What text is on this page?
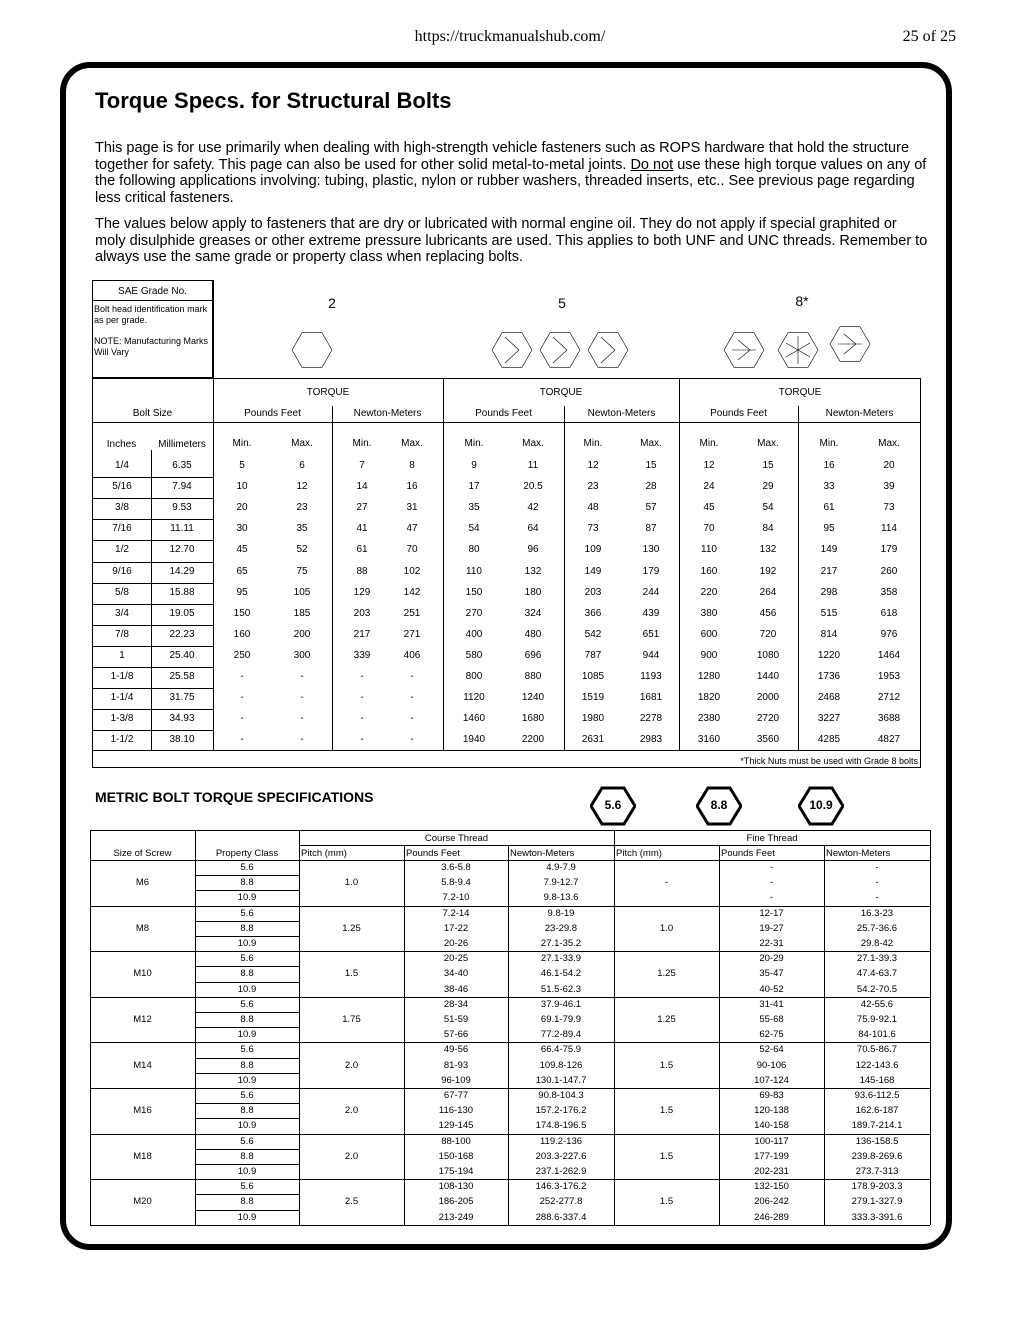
https://truckmanualshub.com/	25 of 25
Torque Specs. for Structural Bolts
This page is for use primarily when dealing with high-strength vehicle fasteners such as ROPS hardware that hold the structure together for safety. This page can also be used for other solid metal-to-metal joints. Do not use these high torque values on any of the following applications involving: tubing, plastic, nylon or rubber washers, threaded inserts, etc.. See previous page regarding less critical fasteners.
The values below apply to fasteners that are dry or lubricated with normal engine oil. They do not apply if special graphited or moly disulphide greases or other extreme pressure lubricants are used. This applies to both UNF and UNC threads. Remember to always use the same grade or property class when replacing bolts.
SAE Grade No.
Bolt head identification mark as per grade.
NOTE: Manufacturing Marks Will Vary
2	5	8*
TORQUE	TORQUE	TORQUE
Bolt Size	Pounds Feet	Newton-Meters	Pounds Feet	Newton-Meters	Pounds Feet	Newton-Meters
Inches	Millimeters
*Thick Nuts must be used with Grade 8 bolts
Min.	Max.	Min.	Max.	Min.	Max.	Min.	Max.	Min.	Max.	Min.	Max.
1/4	6.35	5	6	7	8	9	11	12	15	12	15	16	20
5/16	7.94	10	12	14	16	17	20.5	23	28	24	29	33	39
3/8	9.53	20	23	27	31	35	42	48	57	45	54	61	73
7/16	11.11	30	35	41	47	54	64	73	87	70	84	95	114
1/2	12.70	45	52	61	70	80	96	109	130	110	132	149	179
9/16	14.29	65	75	88	102	110	132	149	179	160	192	217	260
5/8	15.88	95	105	129	142	150	180	203	244	220	264	298	358
3/4	19.05	150	185	203	251	270	324	366	439	380	456	515	618
7/8	22.23	160	200	217	271	400	480	542	651	600	720	814	976
1	25.40	250	300	339	406	580	696	787	944	900	1080	1220	1464
1-1/8	25.58	-	-	-	-	800	880	1085	1193	1280	1440	1736	1953
1-1/4	31.75	-	-	-	-	1120	1240	1519	1681	1820	2000	2468	2712
1-3/8	34.93	-	-	-	-	1460	1680	1980	2278	2380	2720	3227	3688
1-1/2	38.10	-	-	-	-	1940	2200	2631	2983	3160	3560	4285	4827
METRIC BOLT TORQUE SPECIFICATIONS	5.6	8.8	10.9
Course Thread	Fine Thread
Size of Screw	Property Class	Pitch (mm)	Pounds Feet	Newton-Meters	Pitch (mm)	Pounds Feet	Newton-Meters
M6	1.0	-
5.6	3.6-5.8	4.9-7.9	-	-
8.8	5.8-9.4	7.9-12.7	-	-
10.9	7.2-10	9.8-13.6	-	-
M8	1.25	1.0
5.6	7.2-14	9.8-19	12-17	16.3-23
8.8	17-22	23-29.8	19-27	25.7-36.6
10.9	20-26	27.1-35.2	22-31	29.8-42
M10	1.5	1.25
5.6	20-25	27.1-33.9	20-29	27.1-39.3
8.8	34-40	46.1-54.2	35-47	47.4-63.7
10.9	38-46	51.5-62.3	40-52	54.2-70.5
M12	1.75	1.25
5.6	28-34	37.9-46.1	31-41	42-55.6
8.8	51-59	69.1-79.9	55-68	75.9-92.1
10.9	57-66	77.2-89.4	62-75	84-101.6
M14	2.0	1.5
5.6	49-56	66.4-75.9	52-64	70.5-86.7
8.8	81-93	109.8-126	90-106	122-143.6
10.9	96-109	130.1-147.7	107-124	145-168
M16	2.0	1.5
5.6	67-77	90.8-104.3	69-83	93.6-112.5
8.8	116-130	157.2-176.2	120-138	162.6-187
10.9	129-145	174.8-196.5	140-158	189.7-214.1
M18	2.0	1.5
5.6	88-100	119.2-136	100-117	136-158.5
8.8	150-168	203.3-227.6	177-199	239.8-269.6
10.9	175-194	237.1-262.9	202-231	273.7-313
M20	2.5	1.5
5.6	108-130	146.3-176.2	132-150	178.9-203.3
8.8	186-205	252-277.8	206-242	279.1-327.9
10.9	213-249	288.6-337.4	246-289	333.3-391.6
